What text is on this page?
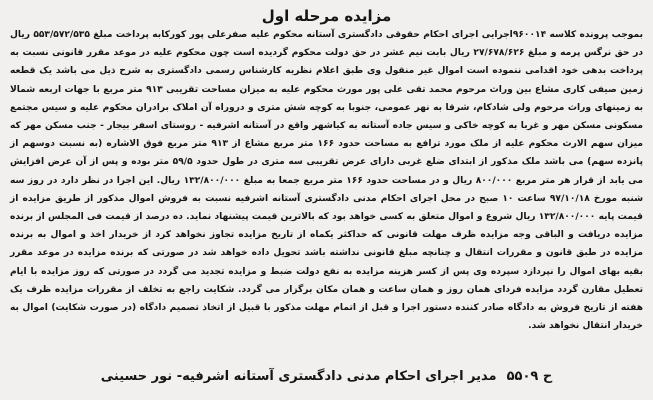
مزایده مرحله اول

بموجب پرونده کلاسه ۹۶۰۰۱۴اجرایی اجرای احکام حقوقی دادگستری آستانه محکوم علیه صفرعلی پور کورکابه پرداخت مبلغ ۵۵۳/۵۷۲/۵۳۵ ریال در حق نرگس پرمه و مبلغ ۲۷/۶۷۸/۶۲۶ ریال بابت نیم عشر در حق دولت محکوم گردیده است چون محکوم علیه در موعد مقرر قانونی نسبت به پرداخت بدهی خود اقدامی ننموده است اموال غیر منقول وی طبق اعلام نظریه کارشناس رسمی دادگستری به شرح ذیل می باشد یک قطعه زمین صیفی کاری مشاع بین وراث مرحوم محمد تقی علی پور مورث محکوم علیه به میزان مساحت تقریبی ۹۱۳ متر مربع با جهات اربعه شمالا به زمینهای وراث مرحوم ولی شادکام، شرقا به نهر عمومی، جنوبا به کوچه شش متری و دروراه آن املاک برادران محکوم علیه و سیس مجتمع مسکونی مسکن مهر و غربا به کوچه خاکی و سیس جاده آستانه به کیاشهر واقع در آستانه اشرفیه - روستای اسفر بیجار - جنب مسکن مهر که میزان سهم الارث محکوم علیه از ملک مورد ترافع به مساحت حدود ۱۶۶ متر مربع مشاع از ۹۱۳ متر مربع فوق الاشاره (به نسبت دوسهم از پانزده سهم) می باشد ملک مذکور از ابتدای ضلع غربی دارای عرض تقریبی سه متری در طول حدود ۵۹/۵ متر بوده و پس از آن عرض افزایش می یابد از قرار هر متر مربع ۸۰۰/۰۰۰ ریال و در مساحت حدود ۱۶۶ متر مربع جمعا به مبلغ ۱۳۲/۸۰۰/۰۰۰ ریال. این اجرا در نظر دارد در روز سه شنبه مورخ ۹۷/۱۰/۱۸ ساعت ۱۰ صبح در محل اجرای احکام مدنی دادگستری آستانه اشرفیه نسبت به فروش اموال مذکور از طریق مزایده از قیمت پایه ۱۳۲/۸۰۰/۰۰۰ ریال شروع و اموال متعلق به کسی خواهد بود که بالاترین قیمت پیشنهاد نماید. ده درصد از قیمت فی المجلس از برنده مزایده دریافت و الباقی وجه مزایده ظرف مهلت قانونی که حداکثر یکماه از تاریخ مزایده تجاوز نخواهد کرد از خریدار اخذ و اموال به برنده مزایده در طبق قانون و مقررات انتقال و چنانچه مبلغ قانونی نداشته باشد تحویل داده خواهد شد در صورتی که برنده مزایده در موعد مقرر بقیه بهای اموال را نپردازد سپرده وی پس از کسر هزینه مزایده به نفع دولت ضبط و مزایده تجدید می گردد در صورتی که روز مزایده با ایام تعطیل مقارن گردد مزایده فردای همان روز و همان ساعت و همان مکان برگزار می گردد. شکایت راجع به تخلف از مقررات مزایده ظرف یک هفته از تاریخ فروش به دادگاه صادر کننده دستور اجرا و قبل از اتمام مهلت مذکور با قبیل از اتخاذ تصمیم دادگاه (در صورت شکایت) اموال به خریدار انتقال نخواهد شد.

ح ۵۵۰۹
مدیر اجرای احکام مدنی دادگستری آستانه اشرفیه- نور حسینی
